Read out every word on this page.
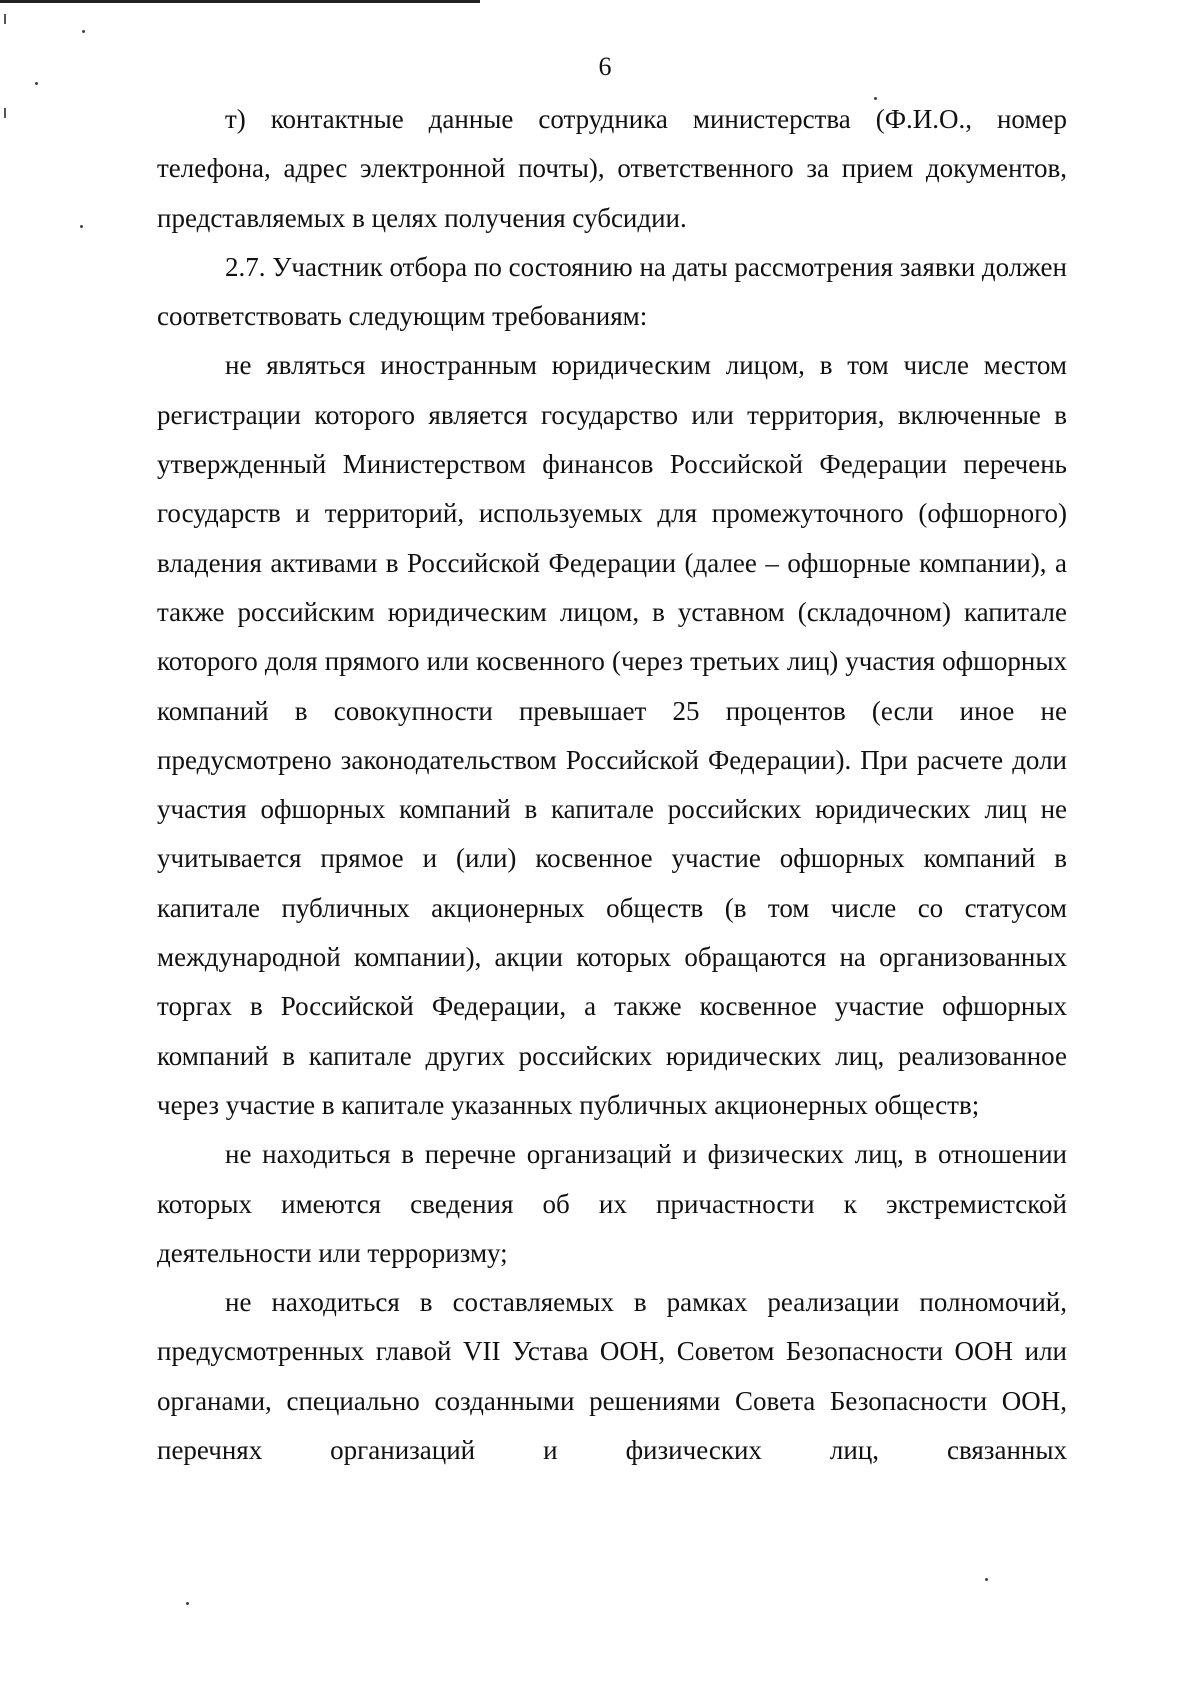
6

т) контактные данные сотрудника министерства (Ф.И.О., номер телефона, адрес электронной почты), ответственного за прием документов, представляемых в целях получения субсидии.

2.7. Участник отбора по состоянию на даты рассмотрения заявки должен соответствовать следующим требованиям:

не являться иностранным юридическим лицом, в том числе местом регистрации которого является государство или территория, включенные в утвержденный Министерством финансов Российской Федерации перечень государств и территорий, используемых для промежуточного (офшорного) владения активами в Российской Федерации (далее – офшорные компании), а также российским юридическим лицом, в уставном (складочном) капитале которого доля прямого или косвенного (через третьих лиц) участия офшорных компаний в совокупности превышает 25 процентов (если иное не предусмотрено законодательством Российской Федерации). При расчете доли участия офшорных компаний в капитале российских юридических лиц не учитывается прямое и (или) косвенное участие офшорных компаний в капитале публичных акционерных обществ (в том числе со статусом международной компании), акции которых обращаются на организованных торгах в Российской Федерации, а также косвенное участие офшорных компаний в капитале других российских юридических лиц, реализованное через участие в капитале указанных публичных акционерных обществ;

не находиться в перечне организаций и физических лиц, в отношении которых имеются сведения об их причастности к экстремистской деятельности или терроризму;

не находиться в составляемых в рамках реализации полномочий, предусмотренных главой VII Устава ООН, Советом Безопасности ООН или органами, специально созданными решениями Совета Безопасности ООН, перечнях организаций и физических лиц, связанных
